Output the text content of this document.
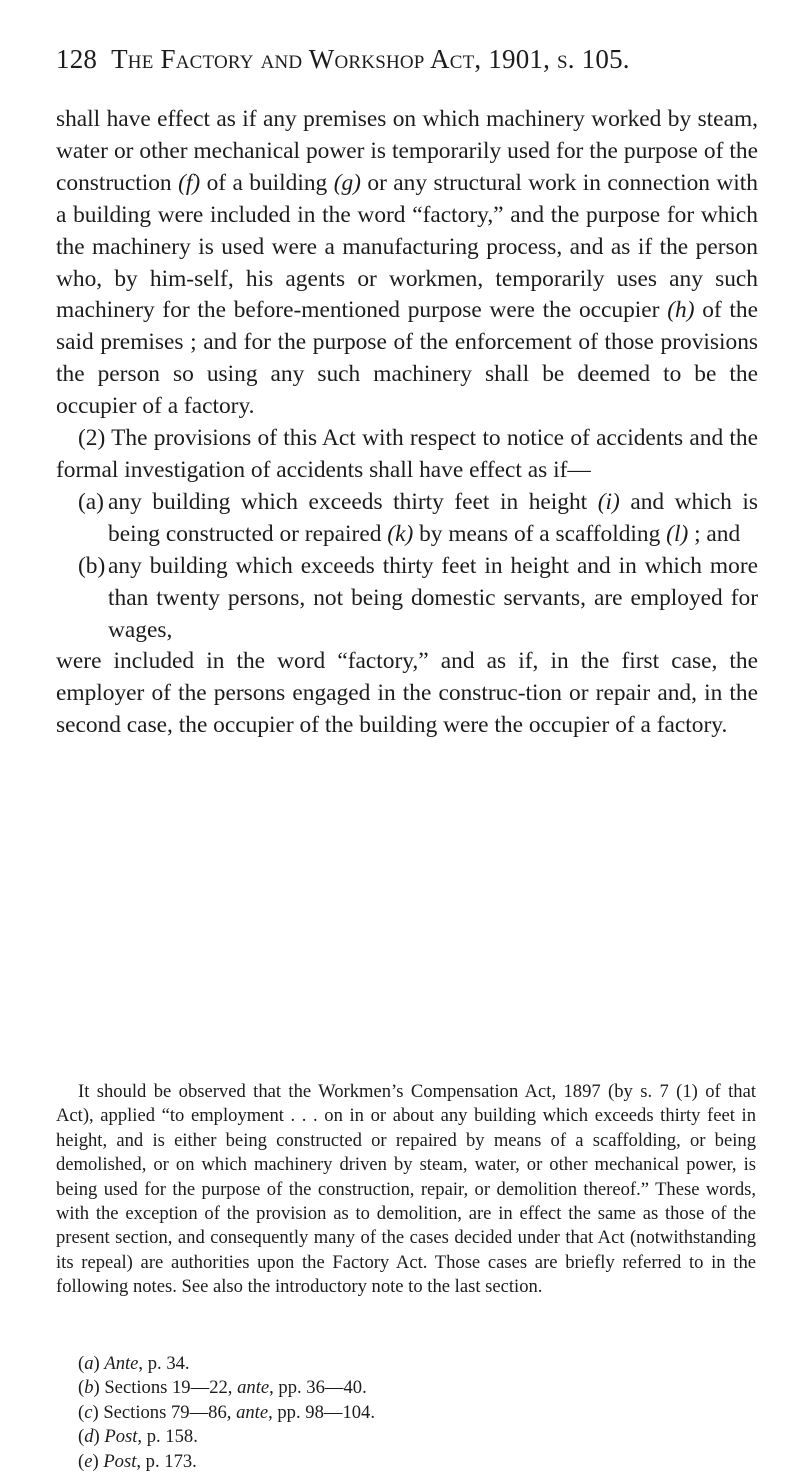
128 The Factory and Workshop Act, 1901, s. 105.

shall have effect as if any premises on which machinery worked by steam, water or other mechanical power is temporarily used for the purpose of the construction (f) of a building (g) or any structural work in connection with a building were included in the word “factory,” and the purpose for which the machinery is used were a manufacturing process, and as if the person who, by him-self, his agents or workmen, temporarily uses any such machinery for the before-mentioned purpose were the occupier (h) of the said premises ; and for the purpose of the enforcement of those provisions the person so using any such machinery shall be deemed to be the occupier of a factory.

(2) The provisions of this Act with respect to notice of accidents and the formal investigation of accidents shall have effect as if—

(a) any building which exceeds thirty feet in height (i) and which is being constructed or repaired (k) by means of a scaffolding (l) ; and

(b) any building which exceeds thirty feet in height and in which more than twenty persons, not being domestic servants, are employed for wages,

were included in the word “factory,” and as if, in the first case, the employer of the persons engaged in the construc-tion or repair and, in the second case, the occupier of the building were the occupier of a factory.

It should be observed that the Workmen’s Compensation Act, 1897 (by s. 7 (1) of that Act), applied “to employment . . . on in or about any building which exceeds thirty feet in height, and is either being constructed or repaired by means of a scaffolding, or being demolished, or on which machinery driven by steam, water, or other mechanical power, is being used for the purpose of the construction, repair, or demolition thereof.” These words, with the exception of the provision as to demolition, are in effect the same as those of the present section, and consequently many of the cases decided under that Act (notwithstanding its repeal) are authorities upon the Factory Act. Those cases are briefly referred to in the following notes. See also the introductory note to the last section.

(a) Ante, p. 34.
(b) Sections 19—22, ante, pp. 36—40.
(c) Sections 79—86, ante, pp. 98—104.
(d) Post, p. 158.
(e) Post, p. 173.
